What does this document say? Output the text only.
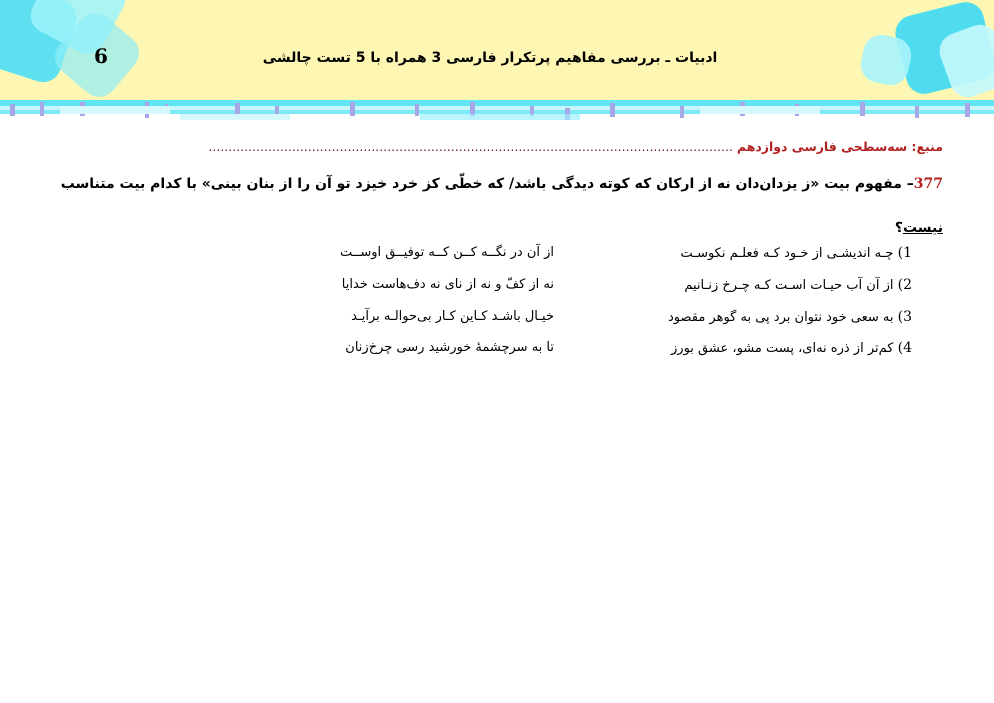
6	ادبیات ـ بررسی مفاهیم پرتکرار فارسی 3 همراه با 5 تست چالشی
منبع: سه‌سطحی فارسی دوازدهم ....................................................................................................................................
377– مفهوم بیت «ز یزدان‌دان نه از ارکان که کوته دیدگی باشد/ که خطّی کز خرد خیزد تو آن را از بنان بینی» با کدام بیت متناسب نیست؟
1) چـه اندیشـی از خـود کـه فعلـم نکوسـت
از آن در نگــه کــن کــه توفیــق اوســت
2) از آن آب حیـات اسـت کـه چـرخ زنـانیم
نه از کفّ و نه از نای نه دف‌هاست خدایا
3) به سعی خود نتوان برد پی به گوهر مقصود
خیـال باشـد کـاین کـار بی‌حوالـه برآیـد
4) کم‌تر از ذره نه‌ای، پست مشو، عشق بورز
تا به سرچشمهٔ خورشید رسی چرخ‌زنان
